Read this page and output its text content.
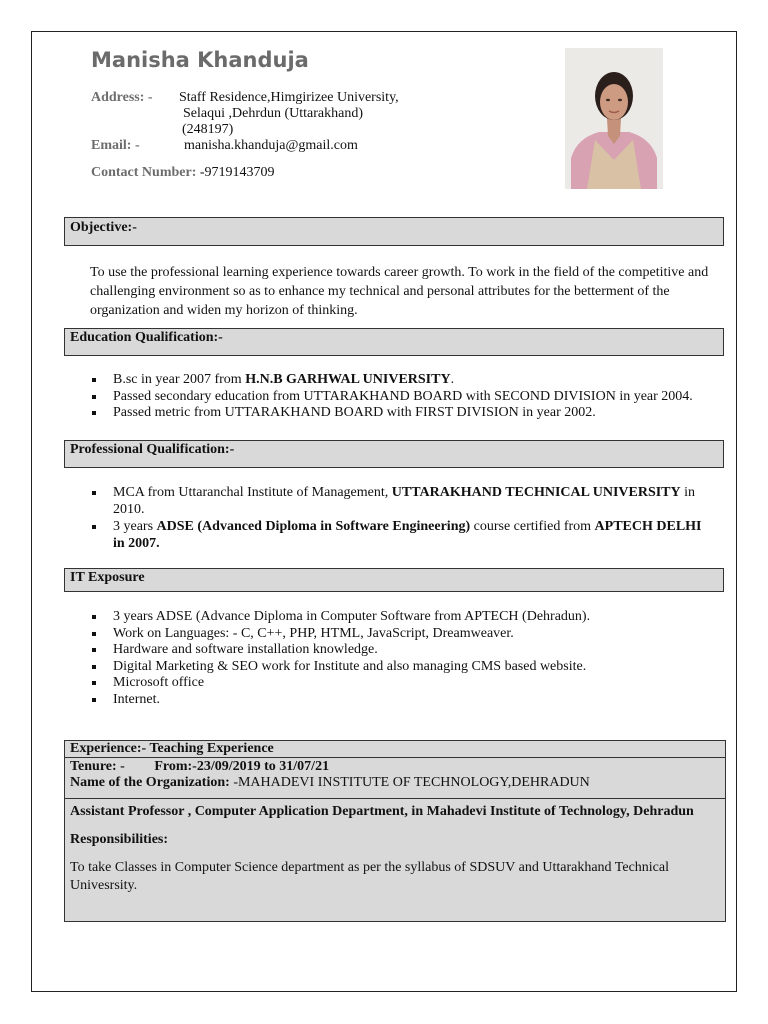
Manisha Khanduja
Address: - Staff Residence,Himgirizee University,
Selaqui ,Dehrdun (Uttarakhand)
(248197)
Email: -	manisha.khanduja@gmail.com
Contact Number: -9719143709
Objective:-
To use the professional learning experience towards career growth. To work in the field of the competitive and challenging environment so as to enhance my technical and personal attributes for the betterment of the organization and widen my horizon of thinking.
Education Qualification:-
B.sc in year 2007 from H.N.B GARHWAL UNIVERSITY.
Passed secondary education from UTTARAKHAND BOARD with SECOND DIVISION in year 2004.
Passed metric from UTTARAKHAND BOARD with FIRST DIVISION in year 2002.
Professional Qualification:-
MCA from Uttaranchal Institute of Management, UTTARAKHAND TECHNICAL UNIVERSITY in 2010.
3 years ADSE (Advanced Diploma in Software Engineering) course certified from APTECH DELHI in 2007.
IT Exposure
3 years ADSE (Advance Diploma in Computer Software from APTECH (Dehradun).
Work on Languages: - C, C++, PHP, HTML, JavaScript, Dreamweaver.
Hardware and software installation knowledge.
Digital Marketing & SEO work for Institute and also managing CMS based website.
Microsoft office
Internet.
Experience:- Teaching Experience
Tenure: - From:-23/09/2019 to 31/07/21
Name of the Organization: -MAHADEVI INSTITUTE OF TECHNOLOGY,DEHRADUN
Assistant Professor , Computer Application Department, in Mahadevi Institute of Technology, Dehradun
Responsibilities:
To take Classes in Computer Science department as per the syllabus of SDSUV and Uttarakhand Technical Univesrsity.
